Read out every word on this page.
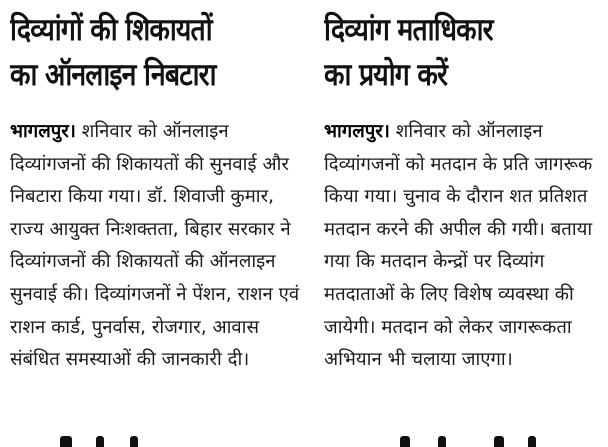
दिव्यांगों की शिकायतों
का ऑनलाइन निबटारा

भागलपुर। शनिवार को ऑनलाइन दिव्यांगजनों की शिकायतों की सुनवाई और निबटारा किया गया। डॉ. शिवाजी कुमार, राज्य आयुक्त निःशक्तता, बिहार सरकार ने दिव्यांगजनों की शिकायतों की ऑनलाइन सुनवाई की। दिव्यांगजनों ने पेंशन, राशन एवं राशन कार्ड, पुनर्वास, रोजगार, आवास संबंधित समस्याओं की जानकारी दी।

दिव्यांग मताधिकार
का प्रयोग करें

भागलपुर। शनिवार को ऑनलाइन दिव्यांगजनों को मतदान के प्रति जागरूक किया गया। चुनाव के दौरान शत प्रतिशत मतदान करने की अपील की गयी। बताया गया कि मतदान केन्द्रों पर दिव्यांग मतदाताओं के लिए विशेष व्यवस्था की जायेगी। मतदान को लेकर जागरूकता अभियान भी चलाया जाएगा।
